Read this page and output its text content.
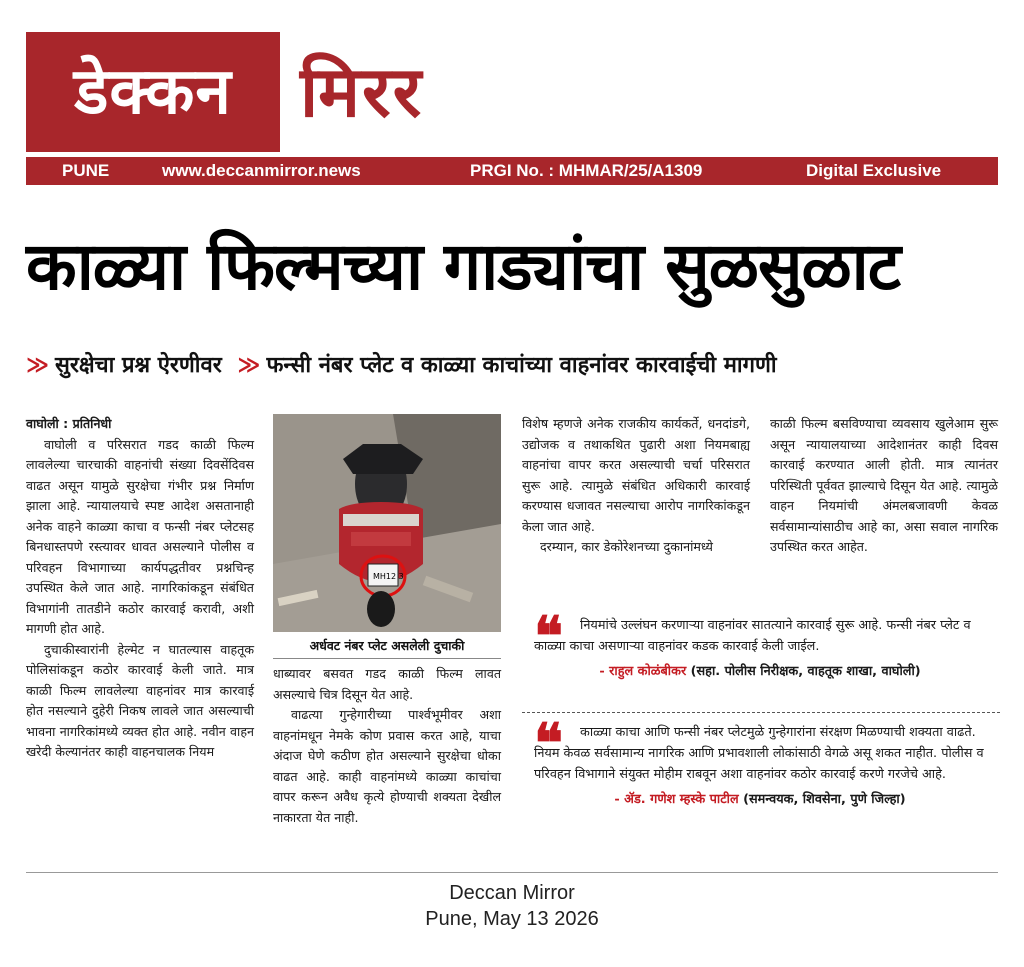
डेक्कन मिरर
PUNE	www.deccanmirror.news	PRGI No. : MHMAR/25/A1309	Digital Exclusive
काळ्या फिल्मच्या गाड्यांचा सुळसुळाट
≫ सुरक्षेचा प्रश्न ऐरणीवर ≫ फन्सी नंबर प्लेट व काळ्या काचांच्या वाहनांवर कारवाईची मागणी

वाघोली : प्रतिनिधी

वाघोली व परिसरात गडद काळी फिल्म लावलेल्या चारचाकी वाहनांची संख्या दिवसेंदिवस वाढत असून यामुळे सुरक्षेचा गंभीर प्रश्न निर्माण झाला आहे. न्यायालयाचे स्पष्ट आदेश असतानाही अनेक वाहने काळ्या काचा व फन्सी नंबर प्लेटसह बिनधास्तपणे रस्त्यावर धावत असल्याने पोलीस व परिवहन विभागाच्या कार्यपद्धतीवर प्रश्नचिन्ह उपस्थित केले जात आहे. नागरिकांकडून संबंधित विभागांनी तातडीने कठोर कारवाई करावी, अशी मागणी होत आहे.

दुचाकीस्वारांनी हेल्मेट न घातल्यास वाहतूक पोलिसांकडून कठोर कारवाई केली जाते. मात्र काळी फिल्म लावलेल्या वाहनांवर मात्र कारवाई होत नसल्याने दुहेरी निकष लावले जात असल्याची भावना नागरिकांमध्ये व्यक्त होत आहे. नवीन वाहन खरेदी केल्यानंतर काही वाहनचालक नियम

MH12 3
अर्धवट नंबर प्लेट असलेली दुचाकी

धाब्यावर बसवत गडद काळी फिल्म लावत असल्याचे चित्र दिसून येत आहे.

वाढत्या गुन्हेगारीच्या पार्श्वभूमीवर अशा वाहनांमधून नेमके कोण प्रवास करत आहे, याचा अंदाज घेणे कठीण होत असल्याने सुरक्षेचा धोका वाढत आहे. काही वाहनांमध्ये काळ्या काचांचा वापर करून अवैध कृत्ये होण्याची शक्यता देखील नाकारता येत नाही.

विशेष म्हणजे अनेक राजकीय कार्यकर्ते, धनदांडगे, उद्योजक व तथाकथित पुढारी अशा नियमबाह्य वाहनांचा वापर करत असल्याची चर्चा परिसरात सुरू आहे. त्यामुळे संबंधित अधिकारी कारवाई करण्यास धजावत नसल्याचा आरोप नागरिकांकडून केला जात आहे.

दरम्यान, कार डेकोरेशनच्या दुकानांमध्ये

काळी फिल्म बसविण्याचा व्यवसाय खुलेआम सुरू असून न्यायालयाच्या आदेशानंतर काही दिवस कारवाई करण्यात आली होती. मात्र त्यानंतर परिस्थिती पूर्ववत झाल्याचे दिसून येत आहे. त्यामुळे वाहन नियमांची अंमलबजावणी केवळ सर्वसामान्यांसाठीच आहे का, असा सवाल नागरिक उपस्थित करत आहेत.

❝	नियमांचे उल्लंघन करणाऱ्या वाहनांवर सातत्याने कारवाई सुरू आहे. फन्सी नंबर प्लेट व काळ्या काचा असणाऱ्या वाहनांवर कडक कारवाई केली जाईल.

- राहुल कोळंबीकर (सहा. पोलीस निरीक्षक, वाहतूक शाखा, वाघोली)
❝	काळ्या काचा आणि फन्सी नंबर प्लेटमुळे गुन्हेगारांना संरक्षण मिळण्याची शक्यता वाढते. नियम केवळ सर्वसामान्य नागरिक आणि प्रभावशाली लोकांसाठी वेगळे असू शकत नाहीत. पोलीस व परिवहन विभागाने संयुक्त मोहीम राबवून अशा वाहनांवर कठोर कारवाई करणे गरजेचे आहे.

- ॲड. गणेश म्हस्के पाटील (समन्वयक, शिवसेना, पुणे जिल्हा)
Deccan Mirror
Pune, May 13 2026
